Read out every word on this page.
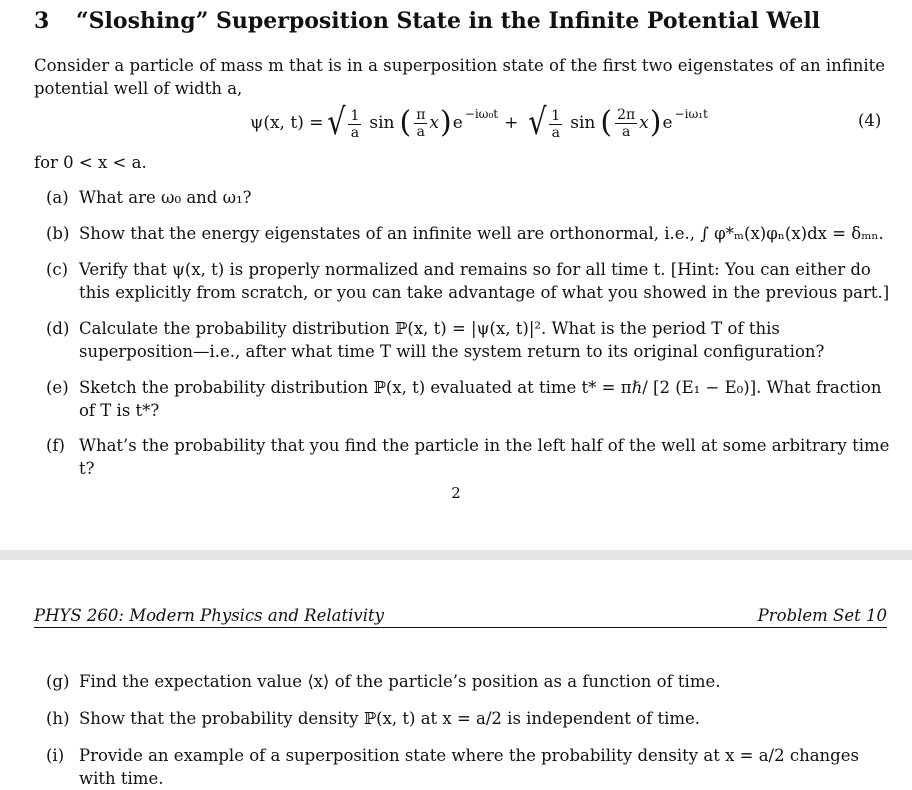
3 “Sloshing” Superposition State in the Infinite Potential Well
Consider a particle of mass m that is in a superposition state of the first two eigenstates of an infinite potential well of width a,
ψ(x, t) = √ $\frac{1}{a}$ sin ( $\frac{\pi}{a}$ x ) e $^{-i\omega_0t}$ + √ $\frac{1}{a}$ sin ( $\frac{2\pi}{a}$ x ) e $^{-i\omega_1t}$	(4)
for 0 < x < a.
(a) What are ω₀ and ω₁?
(b) Show that the energy eigenstates of an infinite well are orthonormal, i.e., ∫ φ*ₘ(x)φₙ(x)dx = δₘₙ.
(c) Verify that ψ(x, t) is properly normalized and remains so for all time t. [Hint: You can either do this explicitly from scratch, or you can take advantage of what you showed in the previous part.]
(d) Calculate the probability distribution ℙ(x, t) = |ψ(x, t)|². What is the period T of this superposition—i.e., after what time T will the system return to its original configuration?
(e) Sketch the probability distribution ℙ(x, t) evaluated at time t* = πℏ/ [2 (E₁ − E₀)]. What fraction of T is t*?
(f) What’s the probability that you find the particle in the left half of the well at some arbitrary time t?
2
PHYS 260: Modern Physics and Relativity	Problem Set 10
(g) Find the expectation value ⟨x⟩ of the particle’s position as a function of time.
(h) Show that the probability density ℙ(x, t) at x = a/2 is independent of time.
(i) Provide an example of a superposition state where the probability density at x = a/2 changes with time.
